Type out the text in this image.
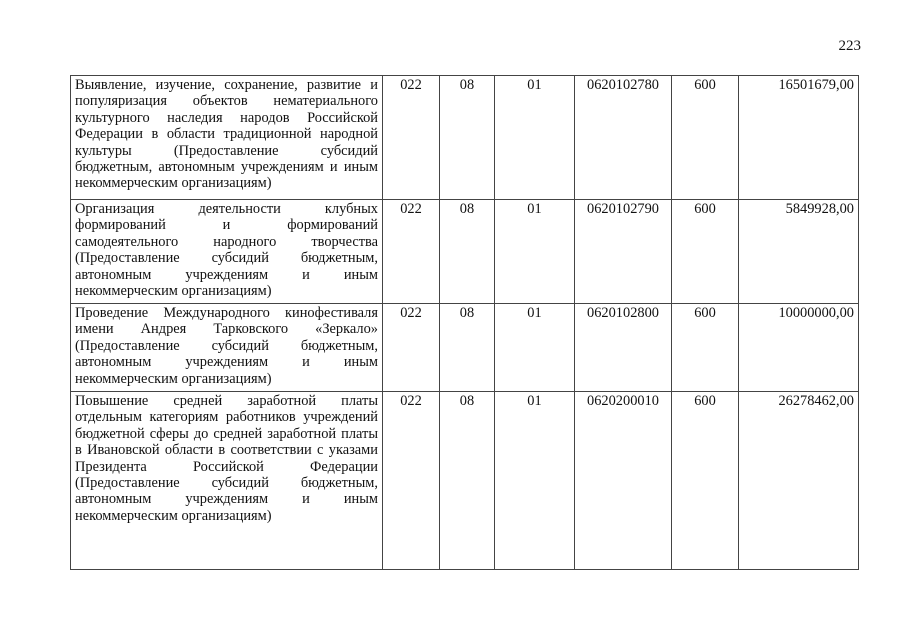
223
Выявление, изучение, сохранение, развитие и популяризация объектов нематериального культурного наследия народов Российской Федерации в области традиционной народной культуры (Предоставление субсидий бюджетным, автономным учреждениям и иным некоммерческим организациям)	022	08	01	0620102780	600	16501679,00
Организация деятельности клубных формирований и формирований самодеятельного народного творчества (Предоставление субсидий бюджетным, автономным учреждениям и иным некоммерческим организациям)	022	08	01	0620102790	600	5849928,00
Проведение Международного кинофестиваля имени Андрея Тарковского «Зеркало» (Предоставление субсидий бюджетным, автономным учреждениям и иным некоммерческим организациям)	022	08	01	0620102800	600	10000000,00
Повышение средней заработной платы отдельным категориям работников учреждений бюджетной сферы до средней заработной платы в Ивановской области в соответствии с указами Президента Российской Федерации (Предоставление субсидий бюджетным, автономным учреждениям и иным некоммерческим организациям)	022	08	01	0620200010	600	26278462,00
